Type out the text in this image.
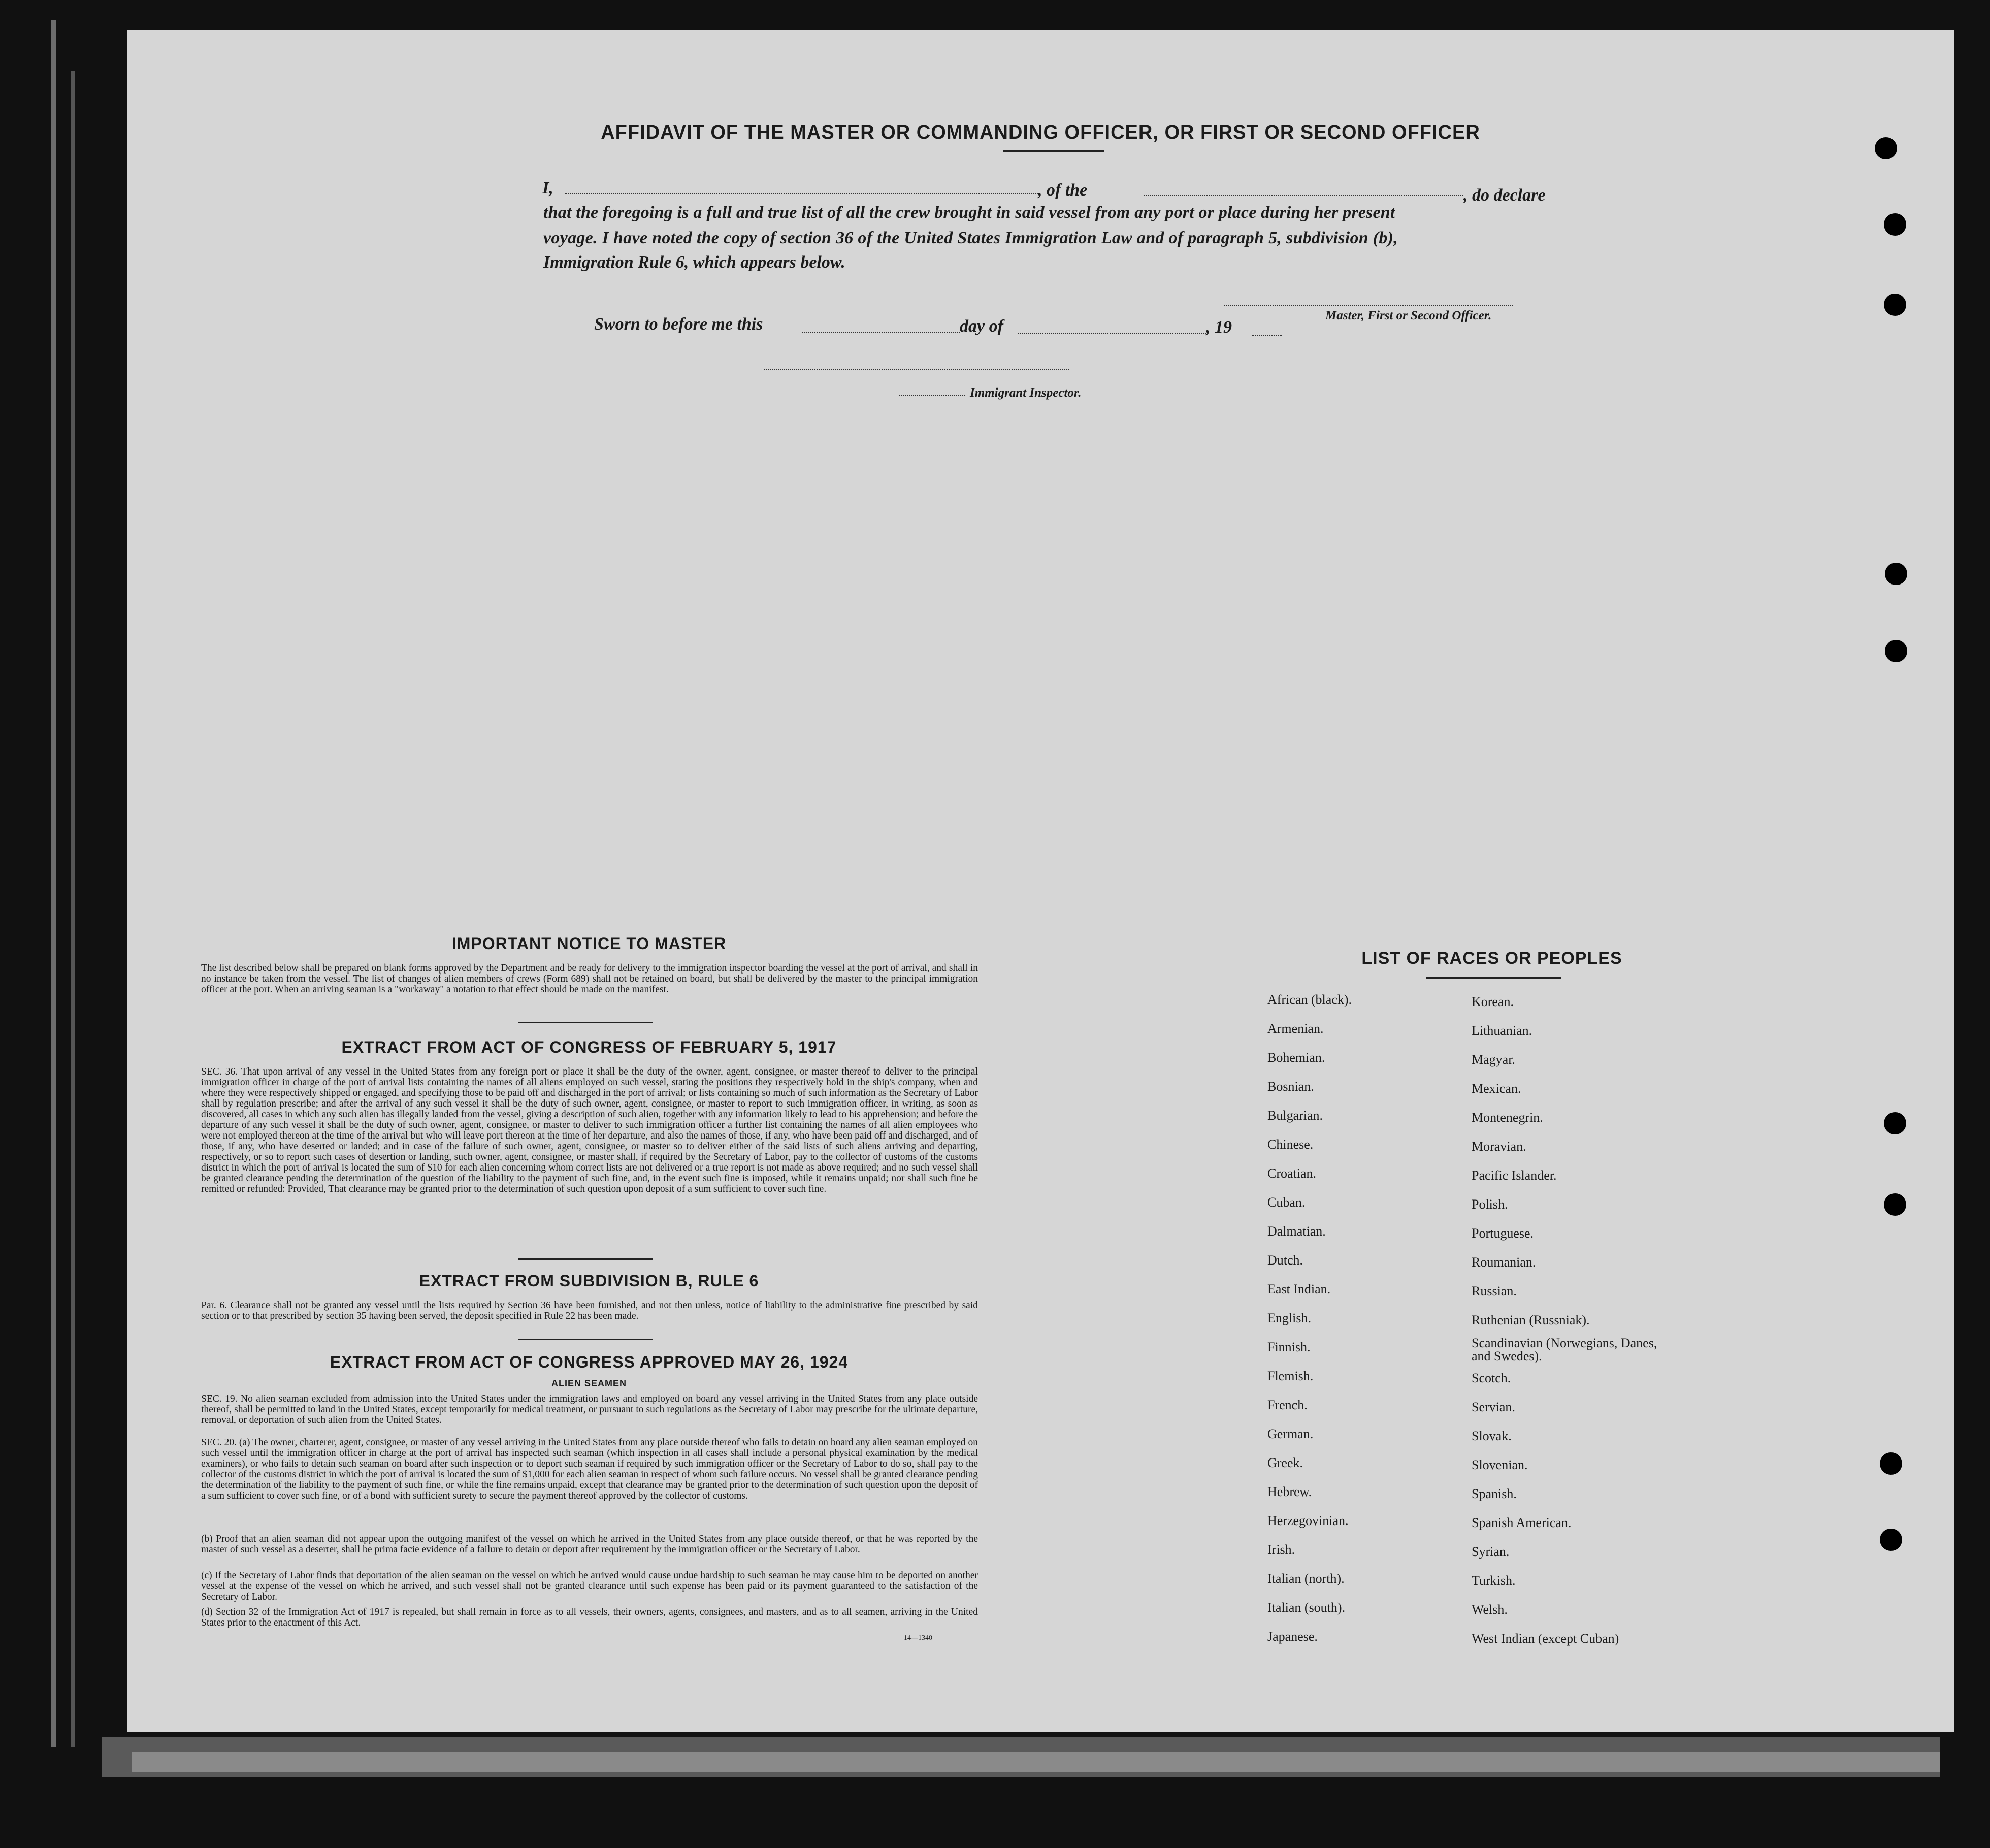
AFFIDAVIT OF THE MASTER OR COMMANDING OFFICER, OR FIRST OR SECOND OFFICER
I,	, of the	, do declare
that the foregoing is a full and true list of all the crew brought in said vessel from any port or place during her present
voyage. I have noted the copy of section 36 of the United States Immigration Law and of paragraph 5, subdivision (b),
Immigration Rule 6, which appears below.
Master, First or Second Officer.
Sworn to before me this	day of	, 19
Immigrant Inspector.
IMPORTANT NOTICE TO MASTER
The list described below shall be prepared on blank forms approved by the Department and be ready for delivery to the immigration inspector boarding the vessel at the port of arrival, and shall in no instance be taken from the vessel. The list of changes of alien members of crews (Form 689) shall not be retained on board, but shall be delivered by the master to the principal immigration officer at the port. When an arriving seaman is a "workaway" a notation to that effect should be made on the manifest.
EXTRACT FROM ACT OF CONGRESS OF FEBRUARY 5, 1917
SEC. 36. That upon arrival of any vessel in the United States from any foreign port or place it shall be the duty of the owner, agent, consignee, or master thereof to deliver to the principal immigration officer in charge of the port of arrival lists containing the names of all aliens employed on such vessel, stating the positions they respectively hold in the ship's company, when and where they were respectively shipped or engaged, and specifying those to be paid off and discharged in the port of arrival; or lists containing so much of such information as the Secretary of Labor shall by regulation prescribe; and after the arrival of any such vessel it shall be the duty of such owner, agent, consignee, or master to report to such immigration officer, in writing, as soon as discovered, all cases in which any such alien has illegally landed from the vessel, giving a description of such alien, together with any information likely to lead to his apprehension; and before the departure of any such vessel it shall be the duty of such owner, agent, consignee, or master to deliver to such immigration officer a further list containing the names of all alien employees who were not employed thereon at the time of the arrival but who will leave port thereon at the time of her departure, and also the names of those, if any, who have been paid off and discharged, and of those, if any, who have deserted or landed; and in case of the failure of such owner, agent, consignee, or master so to deliver either of the said lists of such aliens arriving and departing, respectively, or so to report such cases of desertion or landing, such owner, agent, consignee, or master shall, if required by the Secretary of Labor, pay to the collector of customs of the customs district in which the port of arrival is located the sum of $10 for each alien concerning whom correct lists are not delivered or a true report is not made as above required; and no such vessel shall be granted clearance pending the determination of the question of the liability to the payment of such fine, and, in the event such fine is imposed, while it remains unpaid; nor shall such fine be remitted or refunded: Provided, That clearance may be granted prior to the determination of such question upon deposit of a sum sufficient to cover such fine.
EXTRACT FROM SUBDIVISION B, RULE 6
Par. 6. Clearance shall not be granted any vessel until the lists required by Section 36 have been furnished, and not then unless, notice of liability to the administrative fine prescribed by said section or to that prescribed by section 35 having been served, the deposit specified in Rule 22 has been made.
EXTRACT FROM ACT OF CONGRESS APPROVED MAY 26, 1924
ALIEN SEAMEN
SEC. 19. No alien seaman excluded from admission into the United States under the immigration laws and employed on board any vessel arriving in the United States from any place outside thereof, shall be permitted to land in the United States, except temporarily for medical treatment, or pursuant to such regulations as the Secretary of Labor may prescribe for the ultimate departure, removal, or deportation of such alien from the United States.
SEC. 20. (a) The owner, charterer, agent, consignee, or master of any vessel arriving in the United States from any place outside thereof who fails to detain on board any alien seaman employed on such vessel until the immigration officer in charge at the port of arrival has inspected such seaman (which inspection in all cases shall include a personal physical examination by the medical examiners), or who fails to detain such seaman on board after such inspection or to deport such seaman if required by such immigration officer or the Secretary of Labor to do so, shall pay to the collector of the customs district in which the port of arrival is located the sum of $1,000 for each alien seaman in respect of whom such failure occurs. No vessel shall be granted clearance pending the determination of the liability to the payment of such fine, or while the fine remains unpaid, except that clearance may be granted prior to the determination of such question upon the deposit of a sum sufficient to cover such fine, or of a bond with sufficient surety to secure the payment thereof approved by the collector of customs.
(b) Proof that an alien seaman did not appear upon the outgoing manifest of the vessel on which he arrived in the United States from any place outside thereof, or that he was reported by the master of such vessel as a deserter, shall be prima facie evidence of a failure to detain or deport after requirement by the immigration officer or the Secretary of Labor.
(c) If the Secretary of Labor finds that deportation of the alien seaman on the vessel on which he arrived would cause undue hardship to such seaman he may cause him to be deported on another vessel at the expense of the vessel on which he arrived, and such vessel shall not be granted clearance until such expense has been paid or its payment guaranteed to the satisfaction of the Secretary of Labor.
(d) Section 32 of the Immigration Act of 1917 is repealed, but shall remain in force as to all vessels, their owners, agents, consignees, and masters, and as to all seamen, arriving in the United States prior to the enactment of this Act.
14—1340
LIST OF RACES OR PEOPLES
African (black).
Armenian.
Bohemian.
Bosnian.
Bulgarian.
Chinese.
Croatian.
Cuban.
Dalmatian.
Dutch.
East Indian.
English.
Finnish.
Flemish.
French.
German.
Greek.
Hebrew.
Herzegovinian.
Irish.
Italian (north).
Italian (south).
Japanese.
Korean.
Lithuanian.
Magyar.
Mexican.
Montenegrin.
Moravian.
Pacific Islander.
Polish.
Portuguese.
Roumanian.
Russian.
Ruthenian (Russniak).
Scandinavian (Norwegians, Danes, and Swedes).
Scotch.
Servian.
Slovak.
Slovenian.
Spanish.
Spanish American.
Syrian.
Turkish.
Welsh.
West Indian (except Cuban)
